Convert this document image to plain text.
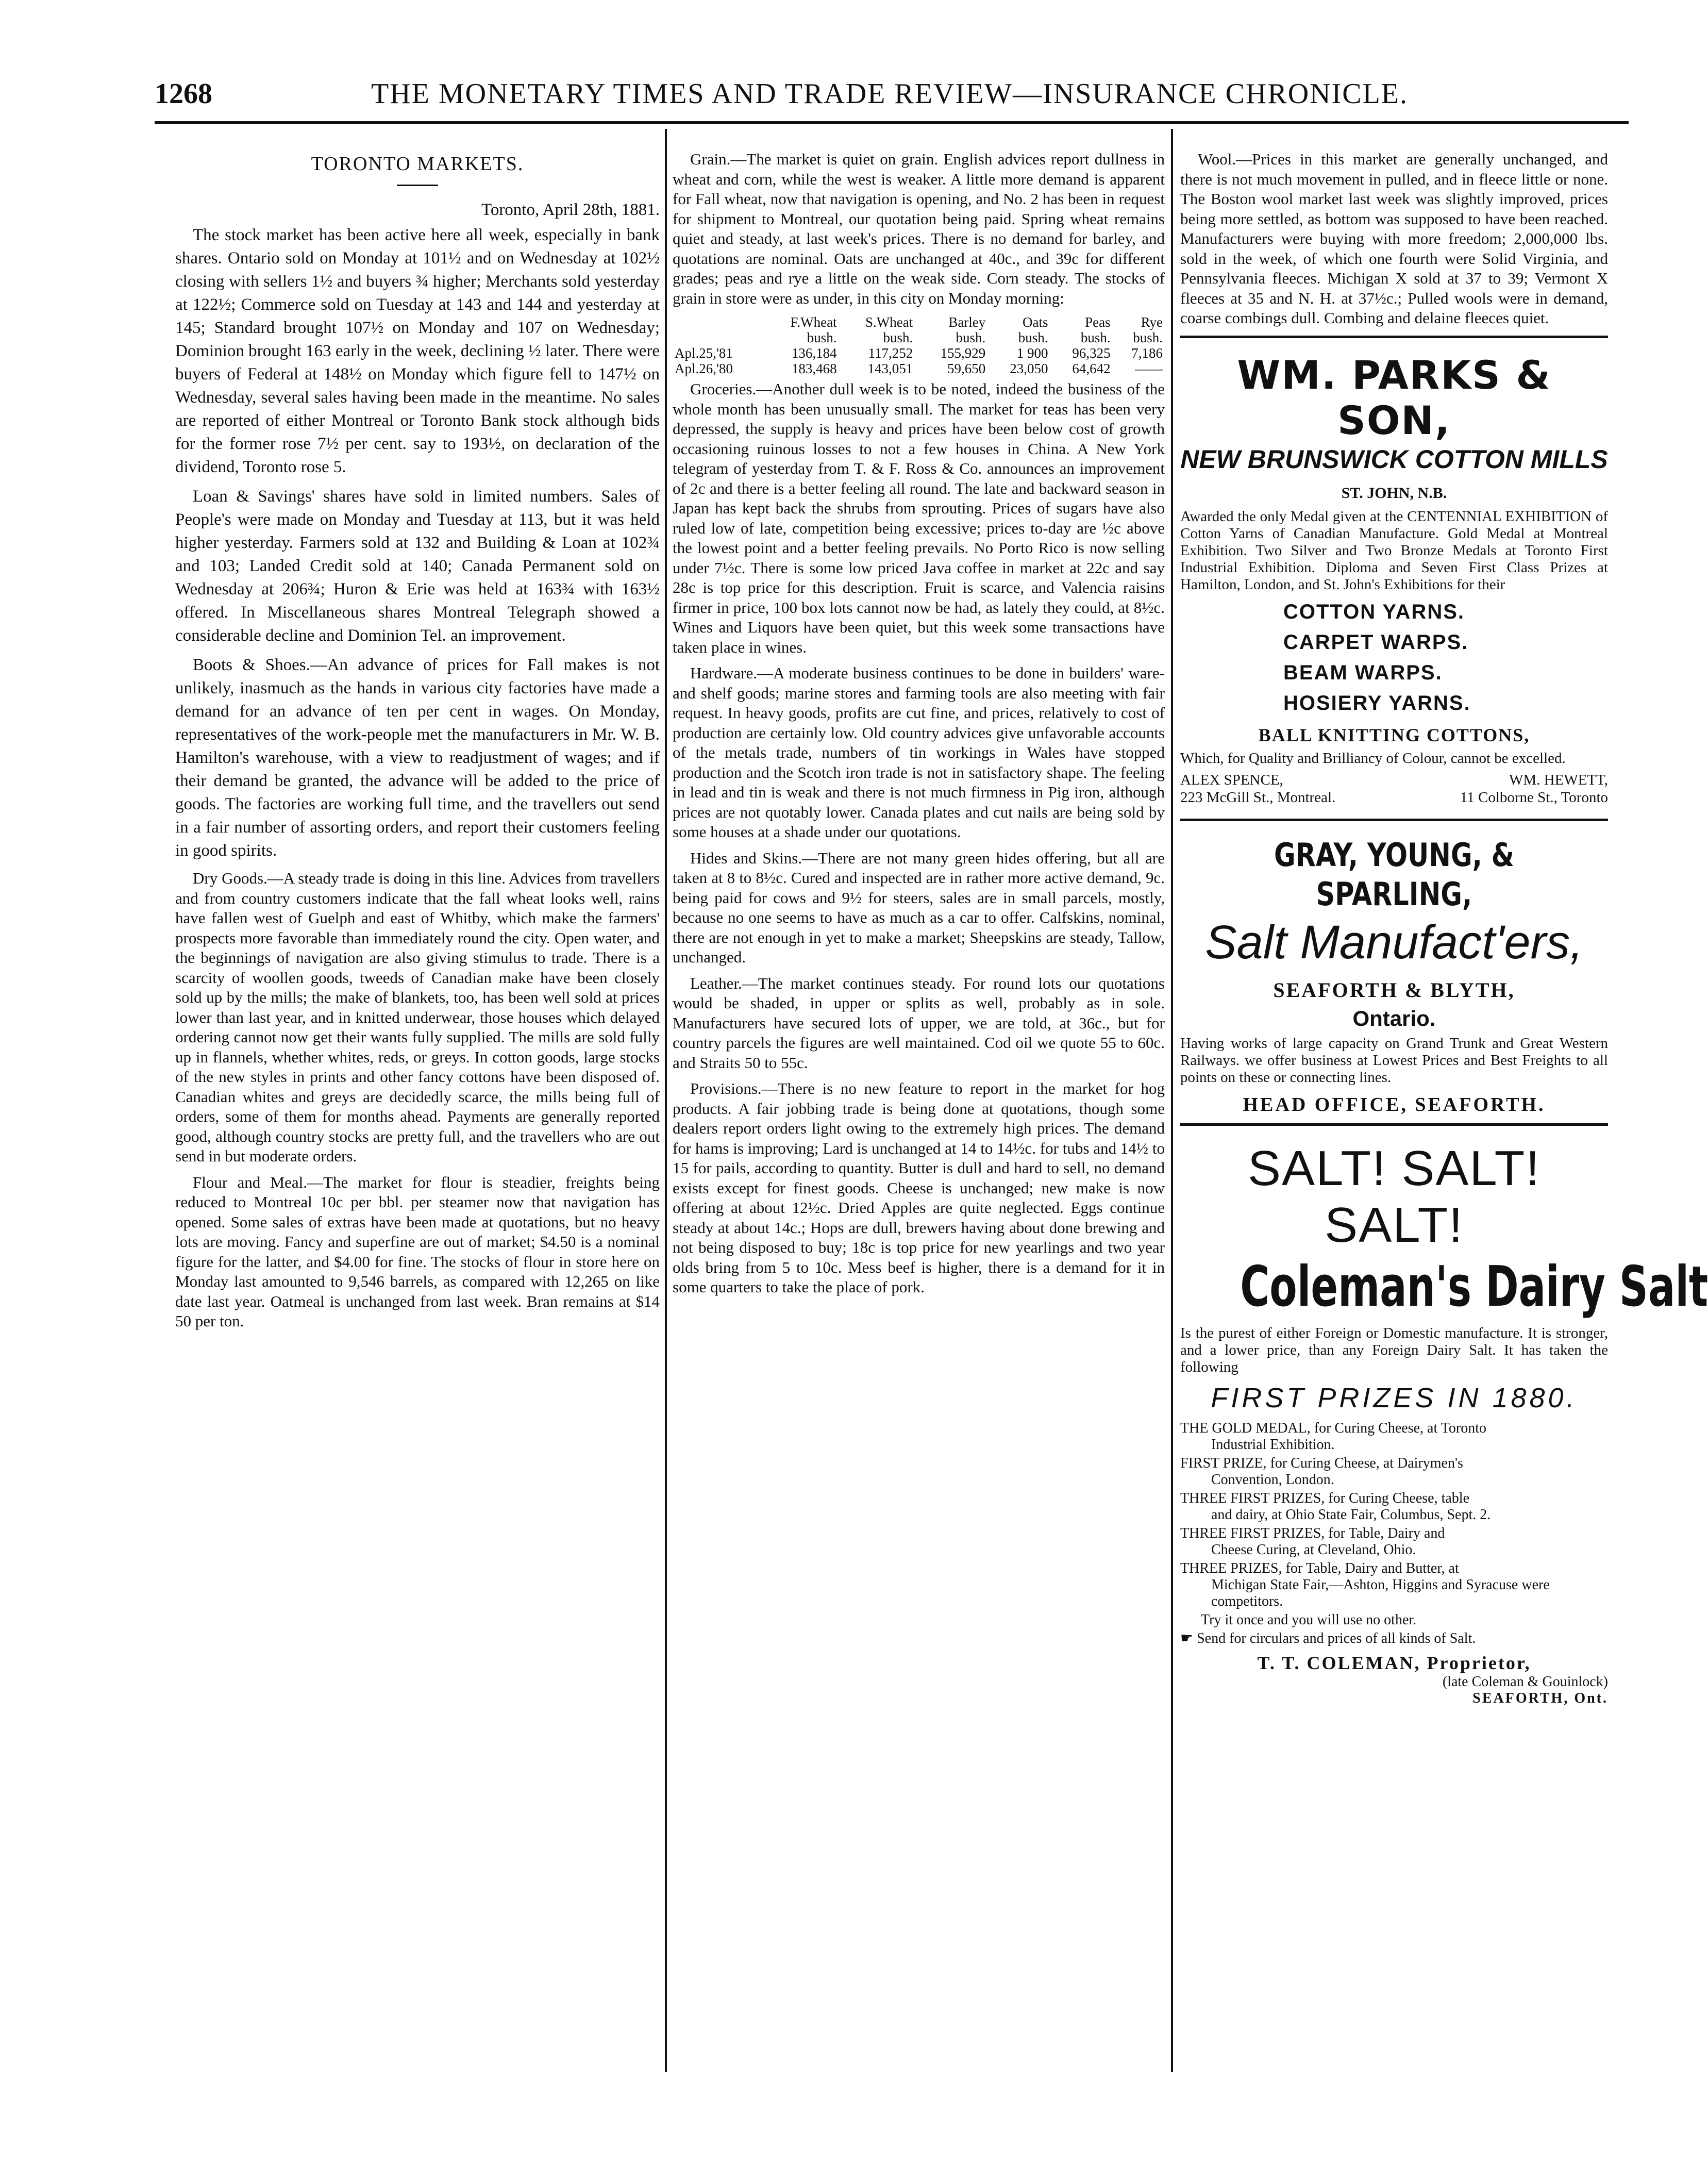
1268	THE MONETARY TIMES AND TRADE REVIEW—INSURANCE CHRONICLE.
TORONTO MARKETS.
Toronto, April 28th, 1881.

The stock market has been active here all week, especially in bank shares. Ontario sold on Monday at 101½ and on Wednesday at 102½ closing with sellers 1½ and buyers ¾ higher; Merchants sold yesterday at 122½; Commerce sold on Tuesday at 143 and 144 and yesterday at 145; Standard brought 107½ on Monday and 107 on Wednesday; Dominion brought 163 early in the week, declining ½ later. There were buyers of Federal at 148½ on Monday which figure fell to 147½ on Wednesday, several sales having been made in the meantime. No sales are reported of either Montreal or Toronto Bank stock although bids for the former rose 7½ per cent. say to 193½, on declaration of the dividend, Toronto rose 5.

Loan & Savings' shares have sold in limited numbers. Sales of People's were made on Monday and Tuesday at 113, but it was held higher yesterday. Farmers sold at 132 and Building & Loan at 102¾ and 103; Landed Credit sold at 140; Canada Permanent sold on Wednesday at 206¾; Huron & Erie was held at 163¾ with 163½ offered. In Miscellaneous shares Montreal Telegraph showed a considerable decline and Dominion Tel. an improvement.

Boots & Shoes.—An advance of prices for Fall makes is not unlikely, inasmuch as the hands in various city factories have made a demand for an advance of ten per cent in wages. On Monday, representatives of the work-people met the manufacturers in Mr. W. B. Hamilton's warehouse, with a view to readjustment of wages; and if their demand be granted, the advance will be added to the price of goods. The factories are working full time, and the travellers out send in a fair number of assorting orders, and report their customers feeling in good spirits.

Dry Goods.—A steady trade is doing in this line. Advices from travellers and from country customers indicate that the fall wheat looks well, rains have fallen west of Guelph and east of Whitby, which make the farmers' prospects more favorable than immediately round the city. Open water, and the beginnings of navigation are also giving stimulus to trade. There is a scarcity of woollen goods, tweeds of Canadian make have been closely sold up by the mills; the make of blankets, too, has been well sold at prices lower than last year, and in knitted underwear, those houses which delayed ordering cannot now get their wants fully supplied. The mills are sold fully up in flannels, whether whites, reds, or greys. In cotton goods, large stocks of the new styles in prints and other fancy cottons have been disposed of. Canadian whites and greys are decidedly scarce, the mills being full of orders, some of them for months ahead. Payments are generally reported good, although country stocks are pretty full, and the travellers who are out send in but moderate orders.

Flour and Meal.—The market for flour is steadier, freights being reduced to Montreal 10c per bbl. per steamer now that navigation has opened. Some sales of extras have been made at quotations, but no heavy lots are moving. Fancy and superfine are out of market; $4.50 is a nominal figure for the latter, and $4.00 for fine. The stocks of flour in store here on Monday last amounted to 9,546 barrels, as compared with 12,265 on like date last year. Oatmeal is unchanged from last week. Bran remains at $14 50 per ton.

Grain.—The market is quiet on grain. English advices report dullness in wheat and corn, while the west is weaker. A little more demand is apparent for Fall wheat, now that navigation is opening, and No. 2 has been in request for shipment to Montreal, our quotation being paid. Spring wheat remains quiet and steady, at last week's prices. There is no demand for barley, and quotations are nominal. Oats are unchanged at 40c., and 39c for different grades; peas and rye a little on the weak side. Corn steady. The stocks of grain in store were as under, in this city on Monday morning:

	F.Wheat	S.Wheat	Barley	Oats	Peas	Rye
	bush.	bush.	bush.	bush.	bush.	bush.
Apl.25,'81	136,184	117,252	155,929	1 900	96,325	7,186
Apl.26,'80	183,468	143,051	59,650	23,050	64,642	——

Groceries.—Another dull week is to be noted, indeed the business of the whole month has been unusually small. The market for teas has been very depressed, the supply is heavy and prices have been below cost of growth occasioning ruinous losses to not a few houses in China. A New York telegram of yesterday from T. & F. Ross & Co. announces an improvement of 2c and there is a better feeling all round. The late and backward season in Japan has kept back the shrubs from sprouting. Prices of sugars have also ruled low of late, competition being excessive; prices to-day are ½c above the lowest point and a better feeling prevails. No Porto Rico is now selling under 7½c. There is some low priced Java coffee in market at 22c and say 28c is top price for this description. Fruit is scarce, and Valencia raisins firmer in price, 100 box lots cannot now be had, as lately they could, at 8½c. Wines and Liquors have been quiet, but this week some transactions have taken place in wines.

Hardware.—A moderate business continues to be done in builders' ware- and shelf goods; marine stores and farming tools are also meeting with fair request. In heavy goods, profits are cut fine, and prices, relatively to cost of production are certainly low. Old country advices give unfavorable accounts of the metals trade, numbers of tin workings in Wales have stopped production and the Scotch iron trade is not in satisfactory shape. The feeling in lead and tin is weak and there is not much firmness in Pig iron, although prices are not quotably lower. Canada plates and cut nails are being sold by some houses at a shade under our quotations.

Hides and Skins.—There are not many green hides offering, but all are taken at 8 to 8½c. Cured and inspected are in rather more active demand, 9c. being paid for cows and 9½ for steers, sales are in small parcels, mostly, because no one seems to have as much as a car to offer. Calfskins, nominal, there are not enough in yet to make a market; Sheepskins are steady, Tallow, unchanged.

Leather.—The market continues steady. For round lots our quotations would be shaded, in upper or splits as well, probably as in sole. Manufacturers have secured lots of upper, we are told, at 36c., but for country parcels the figures are well maintained. Cod oil we quote 55 to 60c. and Straits 50 to 55c.

Provisions.—There is no new feature to report in the market for hog products. A fair jobbing trade is being done at quotations, though some dealers report orders light owing to the extremely high prices. The demand for hams is improving; Lard is unchanged at 14 to 14½c. for tubs and 14½ to 15 for pails, according to quantity. Butter is dull and hard to sell, no demand exists except for finest goods. Cheese is unchanged; new make is now offering at about 12½c. Dried Apples are quite neglected. Eggs continue steady at about 14c.; Hops are dull, brewers having about done brewing and not being disposed to buy; 18c is top price for new yearlings and two year olds bring from 5 to 10c. Mess beef is higher, there is a demand for it in some quarters to take the place of pork.

Wool.—Prices in this market are generally unchanged, and there is not much movement in pulled, and in fleece little or none. The Boston wool market last week was slightly improved, prices being more settled, as bottom was supposed to have been reached. Manufacturers were buying with more freedom; 2,000,000 lbs. sold in the week, of which one fourth were Solid Virginia, and Pennsylvania fleeces. Michigan X sold at 37 to 39; Vermont X fleeces at 35 and N. H. at 37½c.; Pulled wools were in demand, coarse combings dull. Combing and delaine fleeces quiet.

WM. PARKS & SON,
NEW BRUNSWICK COTTON MILLS
ST. JOHN, N.B.
Awarded the only Medal given at the CENTENNIAL EXHIBITION of Cotton Yarns of Canadian Manufacture. Gold Medal at Montreal Exhibition. Two Silver and Two Bronze Medals at Toronto First Industrial Exhibition. Diploma and Seven First Class Prizes at Hamilton, London, and St. John's Exhibitions for their
COTTON YARNS.
CARPET WARPS.
BEAM WARPS.
HOSIERY YARNS.
BALL KNITTING COTTONS,
Which, for Quality and Brilliancy of Colour, cannot be excelled.
ALEX SPENCE,	WM. HEWETT,
223 McGill St., Montreal.	11 Colborne St., Toronto
GRAY, YOUNG, & SPARLING,
Salt Manufact'ers,
SEAFORTH & BLYTH,
Ontario.
Having works of large capacity on Grand Trunk and Great Western Railways. we offer business at Lowest Prices and Best Freights to all points on these or connecting lines.
HEAD OFFICE, SEAFORTH.
SALT! SALT! SALT!
Coleman's Dairy Salt
Is the purest of either Foreign or Domestic manufacture. It is stronger, and a lower price, than any Foreign Dairy Salt. It has taken the following
FIRST PRIZES IN 1880.
THE GOLD MEDAL, for Curing Cheese, at Toronto
Industrial Exhibition.
FIRST PRIZE, for Curing Cheese, at Dairymen's
Convention, London.
THREE FIRST PRIZES, for Curing Cheese, table
and dairy, at Ohio State Fair, Columbus, Sept. 2.
THREE FIRST PRIZES, for Table, Dairy and
Cheese Curing, at Cleveland, Ohio.
THREE PRIZES, for Table, Dairy and Butter, at
Michigan State Fair,—Ashton, Higgins and Syracuse were competitors.
Try it once and you will use no other.
☛ Send for circulars and prices of all kinds of Salt.
T. T. COLEMAN, Proprietor,
(late Coleman & Gouinlock)
SEAFORTH, Ont.
